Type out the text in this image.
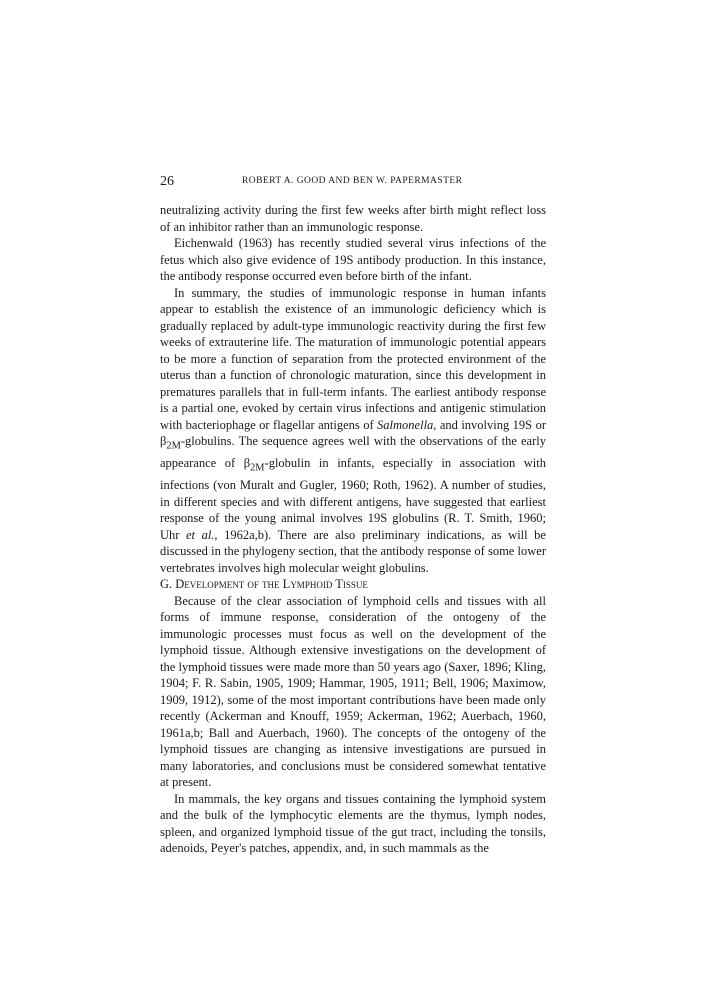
26	ROBERT A. GOOD AND BEN W. PAPERMASTER

neutralizing activity during the first few weeks after birth might reflect loss of an inhibitor rather than an immunologic response.

Eichenwald (1963) has recently studied several virus infections of the fetus which also give evidence of 19S antibody production. In this instance, the antibody response occurred even before birth of the infant.

In summary, the studies of immunologic response in human infants appear to establish the existence of an immunologic deficiency which is gradually replaced by adult-type immunologic reactivity during the first few weeks of extrauterine life. The maturation of immunologic potential appears to be more a function of separation from the protected environment of the uterus than a function of chronologic maturation, since this development in prematures parallels that in full-term infants. The earliest antibody response is a partial one, evoked by certain virus infections and antigenic stimulation with bacteriophage or flagellar antigens of Salmonella, and involving 19S or $\beta_{2M}$-globulins. The sequence agrees well with the observations of the early appearance of $\beta_{2M}$-globulin in infants, especially in association with infections (von Muralt and Gugler, 1960; Roth, 1962). A number of studies, in different species and with different antigens, have suggested that earliest response of the young animal involves 19S globulins (R. T. Smith, 1960; Uhr et al., 1962a,b). There are also preliminary indications, as will be discussed in the phylogeny section, that the antibody response of some lower vertebrates involves high molecular weight globulins.

G. Development of the Lymphoid Tissue

Because of the clear association of lymphoid cells and tissues with all forms of immune response, consideration of the ontogeny of the immunologic processes must focus as well on the development of the lymphoid tissue. Although extensive investigations on the development of the lymphoid tissues were made more than 50 years ago (Saxer, 1896; Kling, 1904; F. R. Sabin, 1905, 1909; Hammar, 1905, 1911; Bell, 1906; Maximow, 1909, 1912), some of the most important contributions have been made only recently (Ackerman and Knouff, 1959; Ackerman, 1962; Auerbach, 1960, 1961a,b; Ball and Auerbach, 1960). The concepts of the ontogeny of the lymphoid tissues are changing as intensive investigations are pursued in many laboratories, and conclusions must be considered somewhat tentative at present.

In mammals, the key organs and tissues containing the lymphoid system and the bulk of the lymphocytic elements are the thymus, lymph nodes, spleen, and organized lymphoid tissue of the gut tract, including the tonsils, adenoids, Peyer's patches, appendix, and, in such mammals as the
